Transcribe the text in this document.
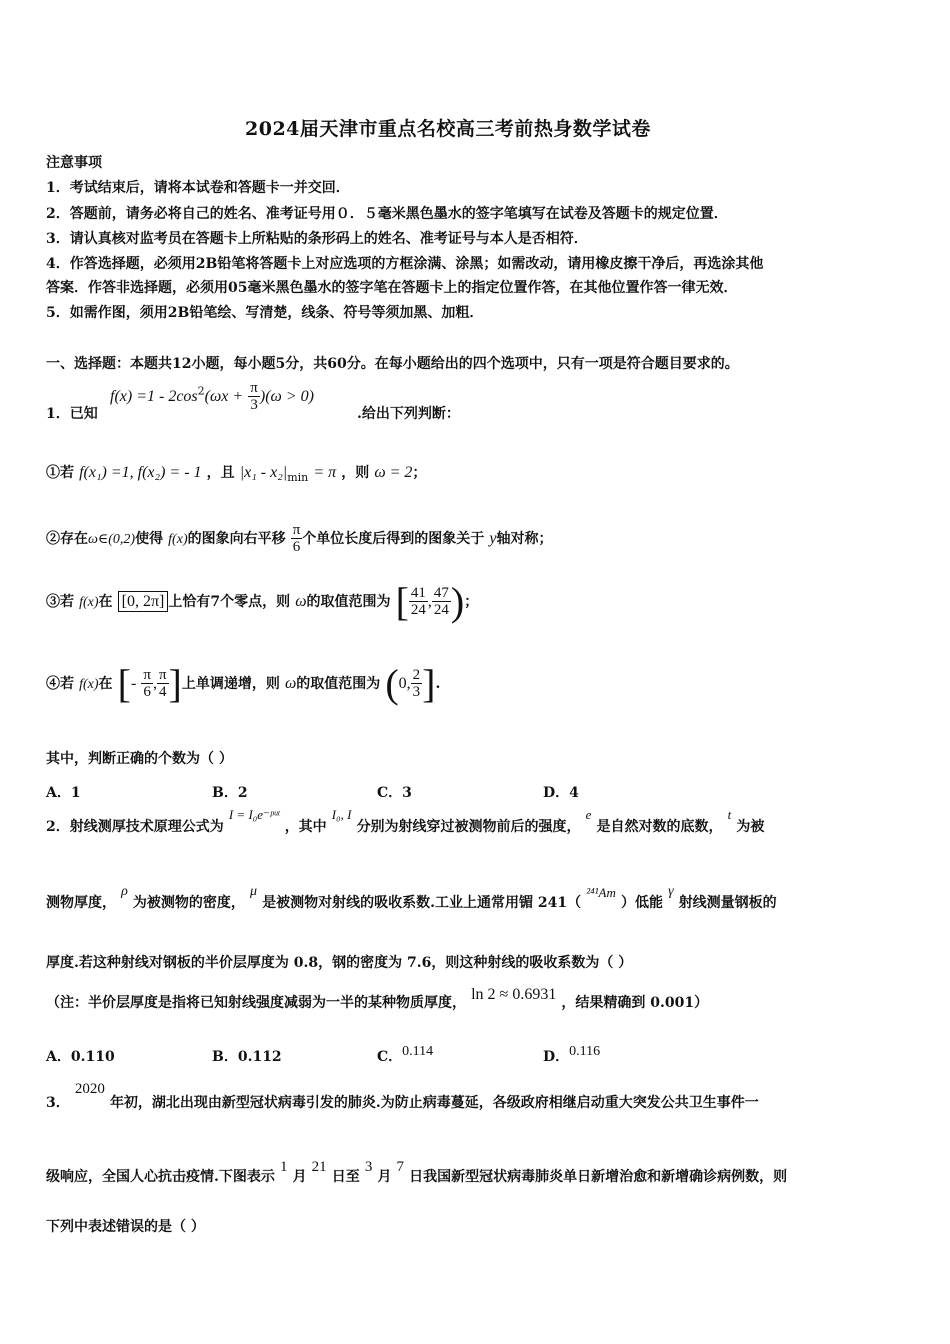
2024届天津市重点名校高三考前热身数学试卷
注意事项
1．考试结束后，请将本试卷和答题卡一并交回．
2．答题前，请务必将自己的姓名、准考证号用０．５毫米黑色墨水的签字笔填写在试卷及答题卡的规定位置．
3．请认真核对监考员在答题卡上所粘贴的条形码上的姓名、准考证号与本人是否相符．
4．作答选择题，必须用2B铅笔将答题卡上对应选项的方框涂满、涂黑；如需改动，请用橡皮擦干净后，再选涂其他
答案．作答非选择题，必须用05毫米黑色墨水的签字笔在答题卡上的指定位置作答，在其他位置作答一律无效．
5．如需作图，须用2B铅笔绘、写清楚，线条、符号等须加黑、加粗．
一、选择题：本题共12小题，每小题5分，共60分。在每小题给出的四个选项中，只有一项是符合题目要求的。
1．已知
$f(x) =1 - 2\cos^2(\omega x + \frac{\pi}{3} )(\omega > 0)$
.给出下列判断：
①若 f(x₁) =1, f(x₂) = - 1 ，且 $|x_1 - x_2|_{min} = \pi$ ，则 ω = 2；
②存在ω∈(0,2)使得 f(x)的图象向右平移 $\frac{\pi}{6}$ 个单位长度后得到的图象关于 y轴对称；
③若 f(x)在 [0, 2π] 上恰有7个零点，则 ω的取值范围为 [ $\frac{41}{24}$ , $\frac{47}{24}$ )；
④若 f(x)在 [- $\frac{\pi}{6}$ , $\frac{\pi}{4}$ ]上单调递增，则 ω的取值范围为 (0, $\frac{2}{3}$ ].
其中，判断正确的个数为（ ）
A．1	B．2	C．3	D．4
2．射线测厚技术原理公式为 $^{I = I_0e^-ᵖᵘᵗ}$ ，其中 $^{I_0, I}$ 分别为射线穿过被测物前后的强度， $^e$ 是自然对数的底数， $^t$ 为被
测物厚度， ρ 为被测物的密度， μ 是被测物对射线的吸收系数.工业上通常用镅 241（ $^{^{241}Am}$ ）低能 γ 射线测量钢板的
厚度.若这种射线对钢板的半价层厚度为 0.8，钢的密度为 7.6，则这种射线的吸收系数为（ ）
（注：半价层厚度是指将已知射线强度减弱为一半的某种物质厚度， ln 2 ≈ 0.6931 ，结果精确到 0.001）
A．0.110	B．0.112	C．0.114	D．0.116
3． 2020 年初，湖北出现由新型冠状病毒引发的肺炎.为防止病毒蔓延，各级政府相继启动重大突发公共卫生事件一
级响应，全国人心抗击疫情.下图表示 1 月 21 日至 3 月 7 日我国新型冠状病毒肺炎单日新增治愈和新增确诊病例数，则
下列中表述错误的是（ ）
